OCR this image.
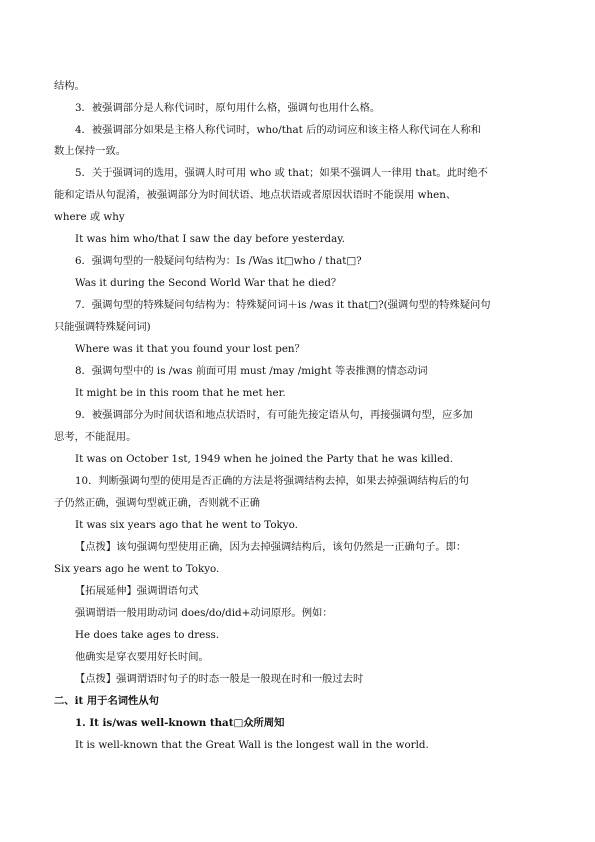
结构。
3．被强调部分是人称代词时，原句用什么格，强调句也用什么格。
4．被强调部分如果是主格人称代词时，who/that 后的动词应和该主格人称代词在人称和
数上保持一致。
5．关于强调词的选用，强调人时可用 who 或 that；如果不强调人一律用 that。此时绝不
能和定语从句混淆，被强调部分为时间状语、地点状语或者原因状语时不能误用 when、
where 或 why
It was him who/that I saw the day before yesterday.
6．强调句型的一般疑问句结构为：Is /Was it□who / that□?
Was it during the Second World War that he died？
7．强调句型的特殊疑问句结构为：特殊疑问词＋is /was it that□?(强调句型的特殊疑问句
只能强调特殊疑问词)
Where was it that you found your lost pen？
8．强调句型中的 is /was 前面可用 must /may /might 等表推测的情态动词
It might be in this room that he met her.
9．被强调部分为时间状语和地点状语时，有可能先接定语从句，再接强调句型，应多加
思考，不能混用。
It was on October 1st, 1949 when he joined the Party that he was killed.
10．判断强调句型的使用是否正确的方法是将强调结构去掉，如果去掉强调结构后的句
子仍然正确，强调句型就正确，否则就不正确
It was six years ago that he went to Tokyo.
【点拨】该句强调句型使用正确，因为去掉强调结构后，该句仍然是一正确句子。即：
Six years ago he went to Tokyo.
【拓展延伸】强调谓语句式
强调谓语一般用助动词 does/do/did+动词原形。例如：
He does take ages to dress.
他确实是穿衣要用好长时间。
【点拨】强调谓语时句子的时态一般是一般现在时和一般过去时
二、it 用于名词性从句
1. It is/was well-known that□众所周知
It is well-known that the Great Wall is the longest wall in the world.
